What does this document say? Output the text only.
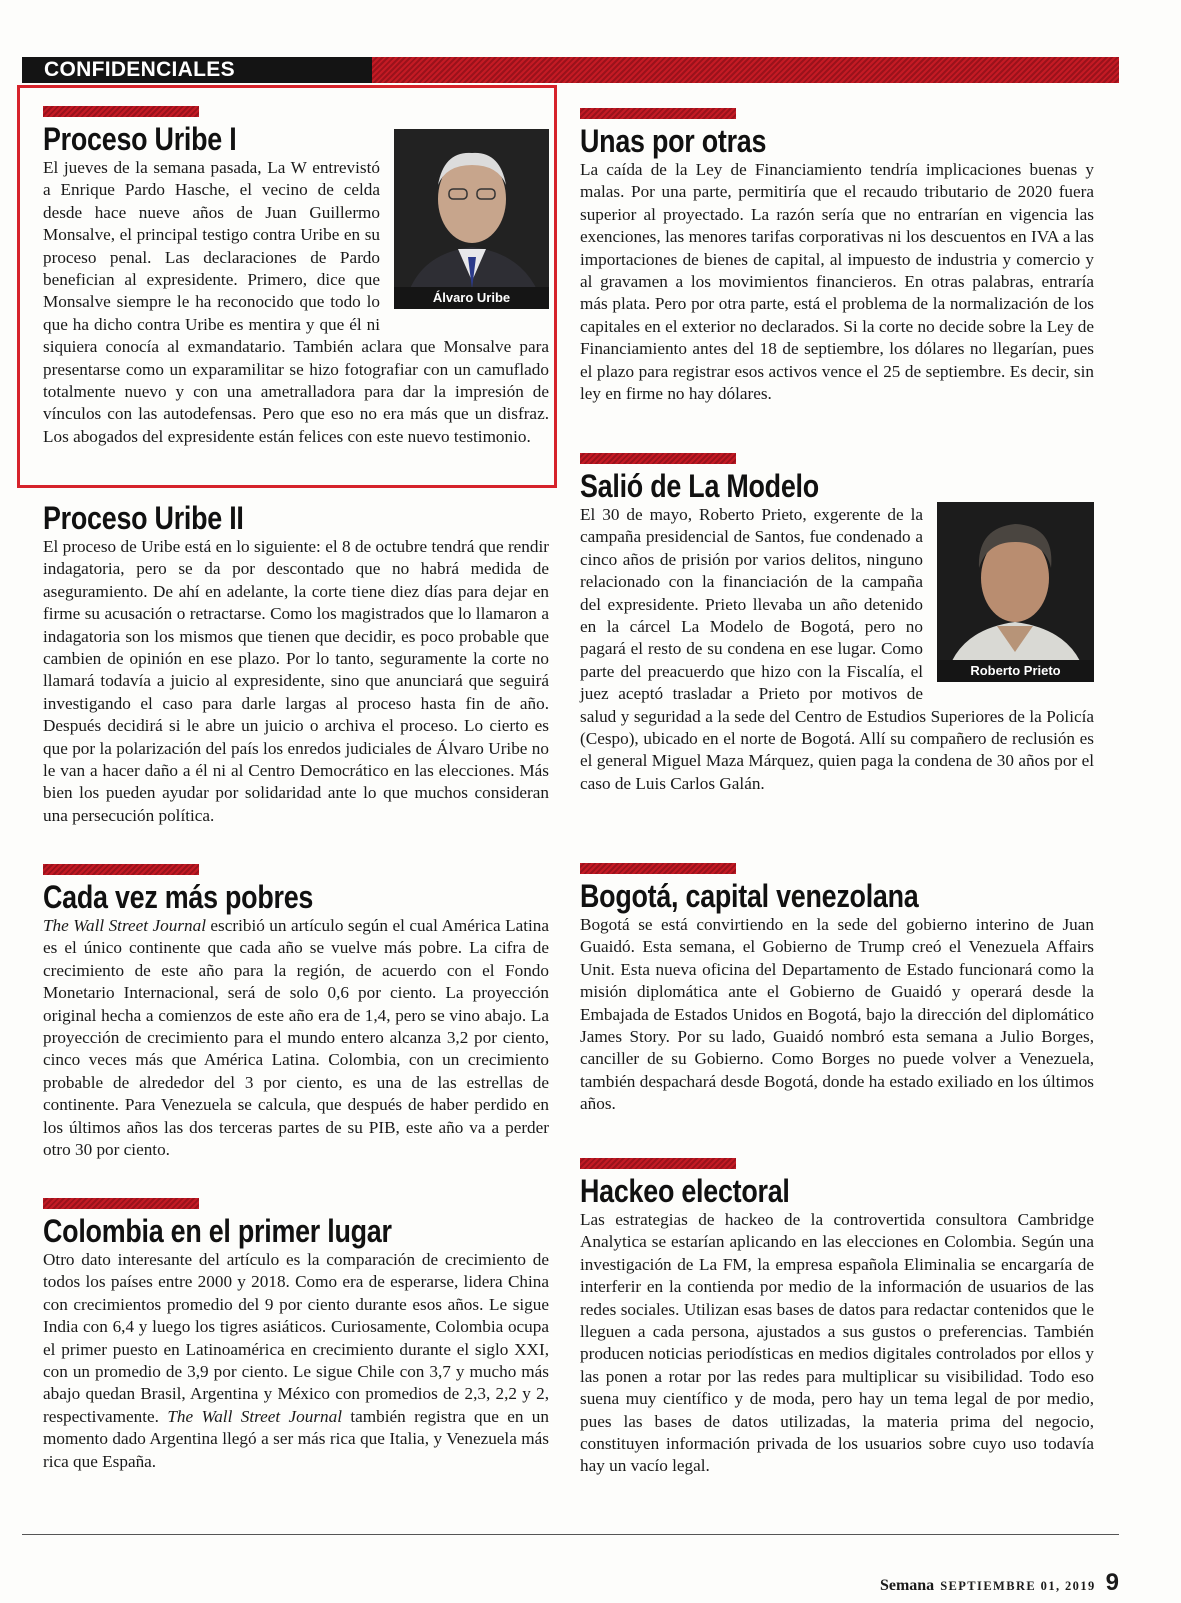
CONFIDENCIALES
Proceso Uribe I
Álvaro Uribe

El jueves de la semana pasada, La W entrevistó a Enrique Pardo Hasche, el vecino de celda desde hace nueve años de Juan Guillermo Monsalve, el principal testigo contra Uribe en su proceso penal. Las declaraciones de Pardo benefician al expresidente. Primero, dice que Monsalve siempre le ha reconocido que todo lo que ha dicho contra Uribe es mentira y que él ni siquiera conocía al exmandatario. También aclara que Monsalve para presentarse como un exparamilitar se hizo fotografiar con un camuflado totalmente nuevo y con una ametralladora para dar la impresión de vínculos con las autodefensas. Pero que eso no era más que un disfraz. Los abogados del expresidente están felices con este nuevo testimonio.

Proceso Uribe II

El proceso de Uribe está en lo siguiente: el 8 de octubre tendrá que rendir indagatoria, pero se da por descontado que no habrá medida de aseguramiento. De ahí en adelante, la corte tiene diez días para dejar en firme su acusación o retractarse. Como los magistrados que lo llamaron a indagatoria son los mismos que tienen que decidir, es poco probable que cambien de opinión en ese plazo. Por lo tanto, seguramente la corte no llamará todavía a juicio al expresidente, sino que anunciará que seguirá investigando el caso para darle largas al proceso hasta fin de año. Después decidirá si le abre un juicio o archiva el proceso. Lo cierto es que por la polarización del país los enredos judiciales de Álvaro Uribe no le van a hacer daño a él ni al Centro Democrático en las elecciones. Más bien los pueden ayudar por solidaridad ante lo que muchos consideran una persecución política.

Cada vez más pobres

The Wall Street Journal escribió un artículo según el cual América Latina es el único continente que cada año se vuelve más pobre. La cifra de crecimiento de este año para la región, de acuerdo con el Fondo Monetario Internacional, será de solo 0,6 por ciento. La proyección original hecha a comienzos de este año era de 1,4, pero se vino abajo. La proyección de crecimiento para el mundo entero alcanza 3,2 por ciento, cinco veces más que América Latina. Colombia, con un crecimiento probable de alrededor del 3 por ciento, es una de las estrellas de continente. Para Venezuela se calcula, que después de haber perdido en los últimos años las dos terceras partes de su PIB, este año va a perder otro 30 por ciento.

Colombia en el primer lugar

Otro dato interesante del artículo es la comparación de crecimiento de todos los países entre 2000 y 2018. Como era de esperarse, lidera China con crecimientos promedio del 9 por ciento durante esos años. Le sigue India con 6,4 y luego los tigres asiáticos. Curiosamente, Colombia ocupa el primer puesto en Latinoamérica en crecimiento durante el siglo XXI, con un promedio de 3,9 por ciento. Le sigue Chile con 3,7 y mucho más abajo quedan Brasil, Argentina y México con promedios de 2,3, 2,2 y 2, respectivamente. The Wall Street Journal también registra que en un momento dado Argentina llegó a ser más rica que Italia, y Venezuela más rica que España.

Unas por otras

La caída de la Ley de Financiamiento tendría implicaciones buenas y malas. Por una parte, permitiría que el recaudo tributario de 2020 fuera superior al proyectado. La razón sería que no entrarían en vigencia las exenciones, las menores tarifas corporativas ni los descuentos en IVA a las importaciones de bienes de capital, al impuesto de industria y comercio y al gravamen a los movimientos financieros. En otras palabras, entraría más plata. Pero por otra parte, está el problema de la normalización de los capitales en el exterior no declarados. Si la corte no decide sobre la Ley de Financiamiento antes del 18 de septiembre, los dólares no llegarían, pues el plazo para registrar esos activos vence el 25 de septiembre. Es decir, sin ley en firme no hay dólares.

Salió de La Modelo
Roberto Prieto

El 30 de mayo, Roberto Prieto, exgerente de la campaña presidencial de Santos, fue condenado a cinco años de prisión por varios delitos, ninguno relacionado con la financiación de la campaña del expresidente. Prieto llevaba un año detenido en la cárcel La Modelo de Bogotá, pero no pagará el resto de su condena en ese lugar. Como parte del preacuerdo que hizo con la Fiscalía, el juez aceptó trasladar a Prieto por motivos de salud y seguridad a la sede del Centro de Estudios Superiores de la Policía (Cespo), ubicado en el norte de Bogotá. Allí su compañero de reclusión es el general Miguel Maza Márquez, quien paga la condena de 30 años por el caso de Luis Carlos Galán.

Bogotá, capital venezolana

Bogotá se está convirtiendo en la sede del gobierno interino de Juan Guaidó. Esta semana, el Gobierno de Trump creó el Venezuela Affairs Unit. Esta nueva oficina del Departamento de Estado funcionará como la misión diplomática ante el Gobierno de Guaidó y operará desde la Embajada de Estados Unidos en Bogotá, bajo la dirección del diplomático James Story. Por su lado, Guaidó nombró esta semana a Julio Borges, canciller de su Gobierno. Como Borges no puede volver a Venezuela, también despachará desde Bogotá, donde ha estado exiliado en los últimos años.

Hackeo electoral

Las estrategias de hackeo de la controvertida consultora Cambridge Analytica se estarían aplicando en las elecciones en Colombia. Según una investigación de La FM, la empresa española Eliminalia se encargaría de interferir en la contienda por medio de la información de usuarios de las redes sociales. Utilizan esas bases de datos para redactar contenidos que le lleguen a cada persona, ajustados a sus gustos o preferencias. También producen noticias periodísticas en medios digitales controlados por ellos y las ponen a rotar por las redes para multiplicar su visibilidad. Todo eso suena muy científico y de moda, pero hay un tema legal de por medio, pues las bases de datos utilizadas, la materia prima del negocio, constituyen información privada de los usuarios sobre cuyo uso todavía hay un vacío legal.

Semana SEPTIEMBRE 01, 2019 9
